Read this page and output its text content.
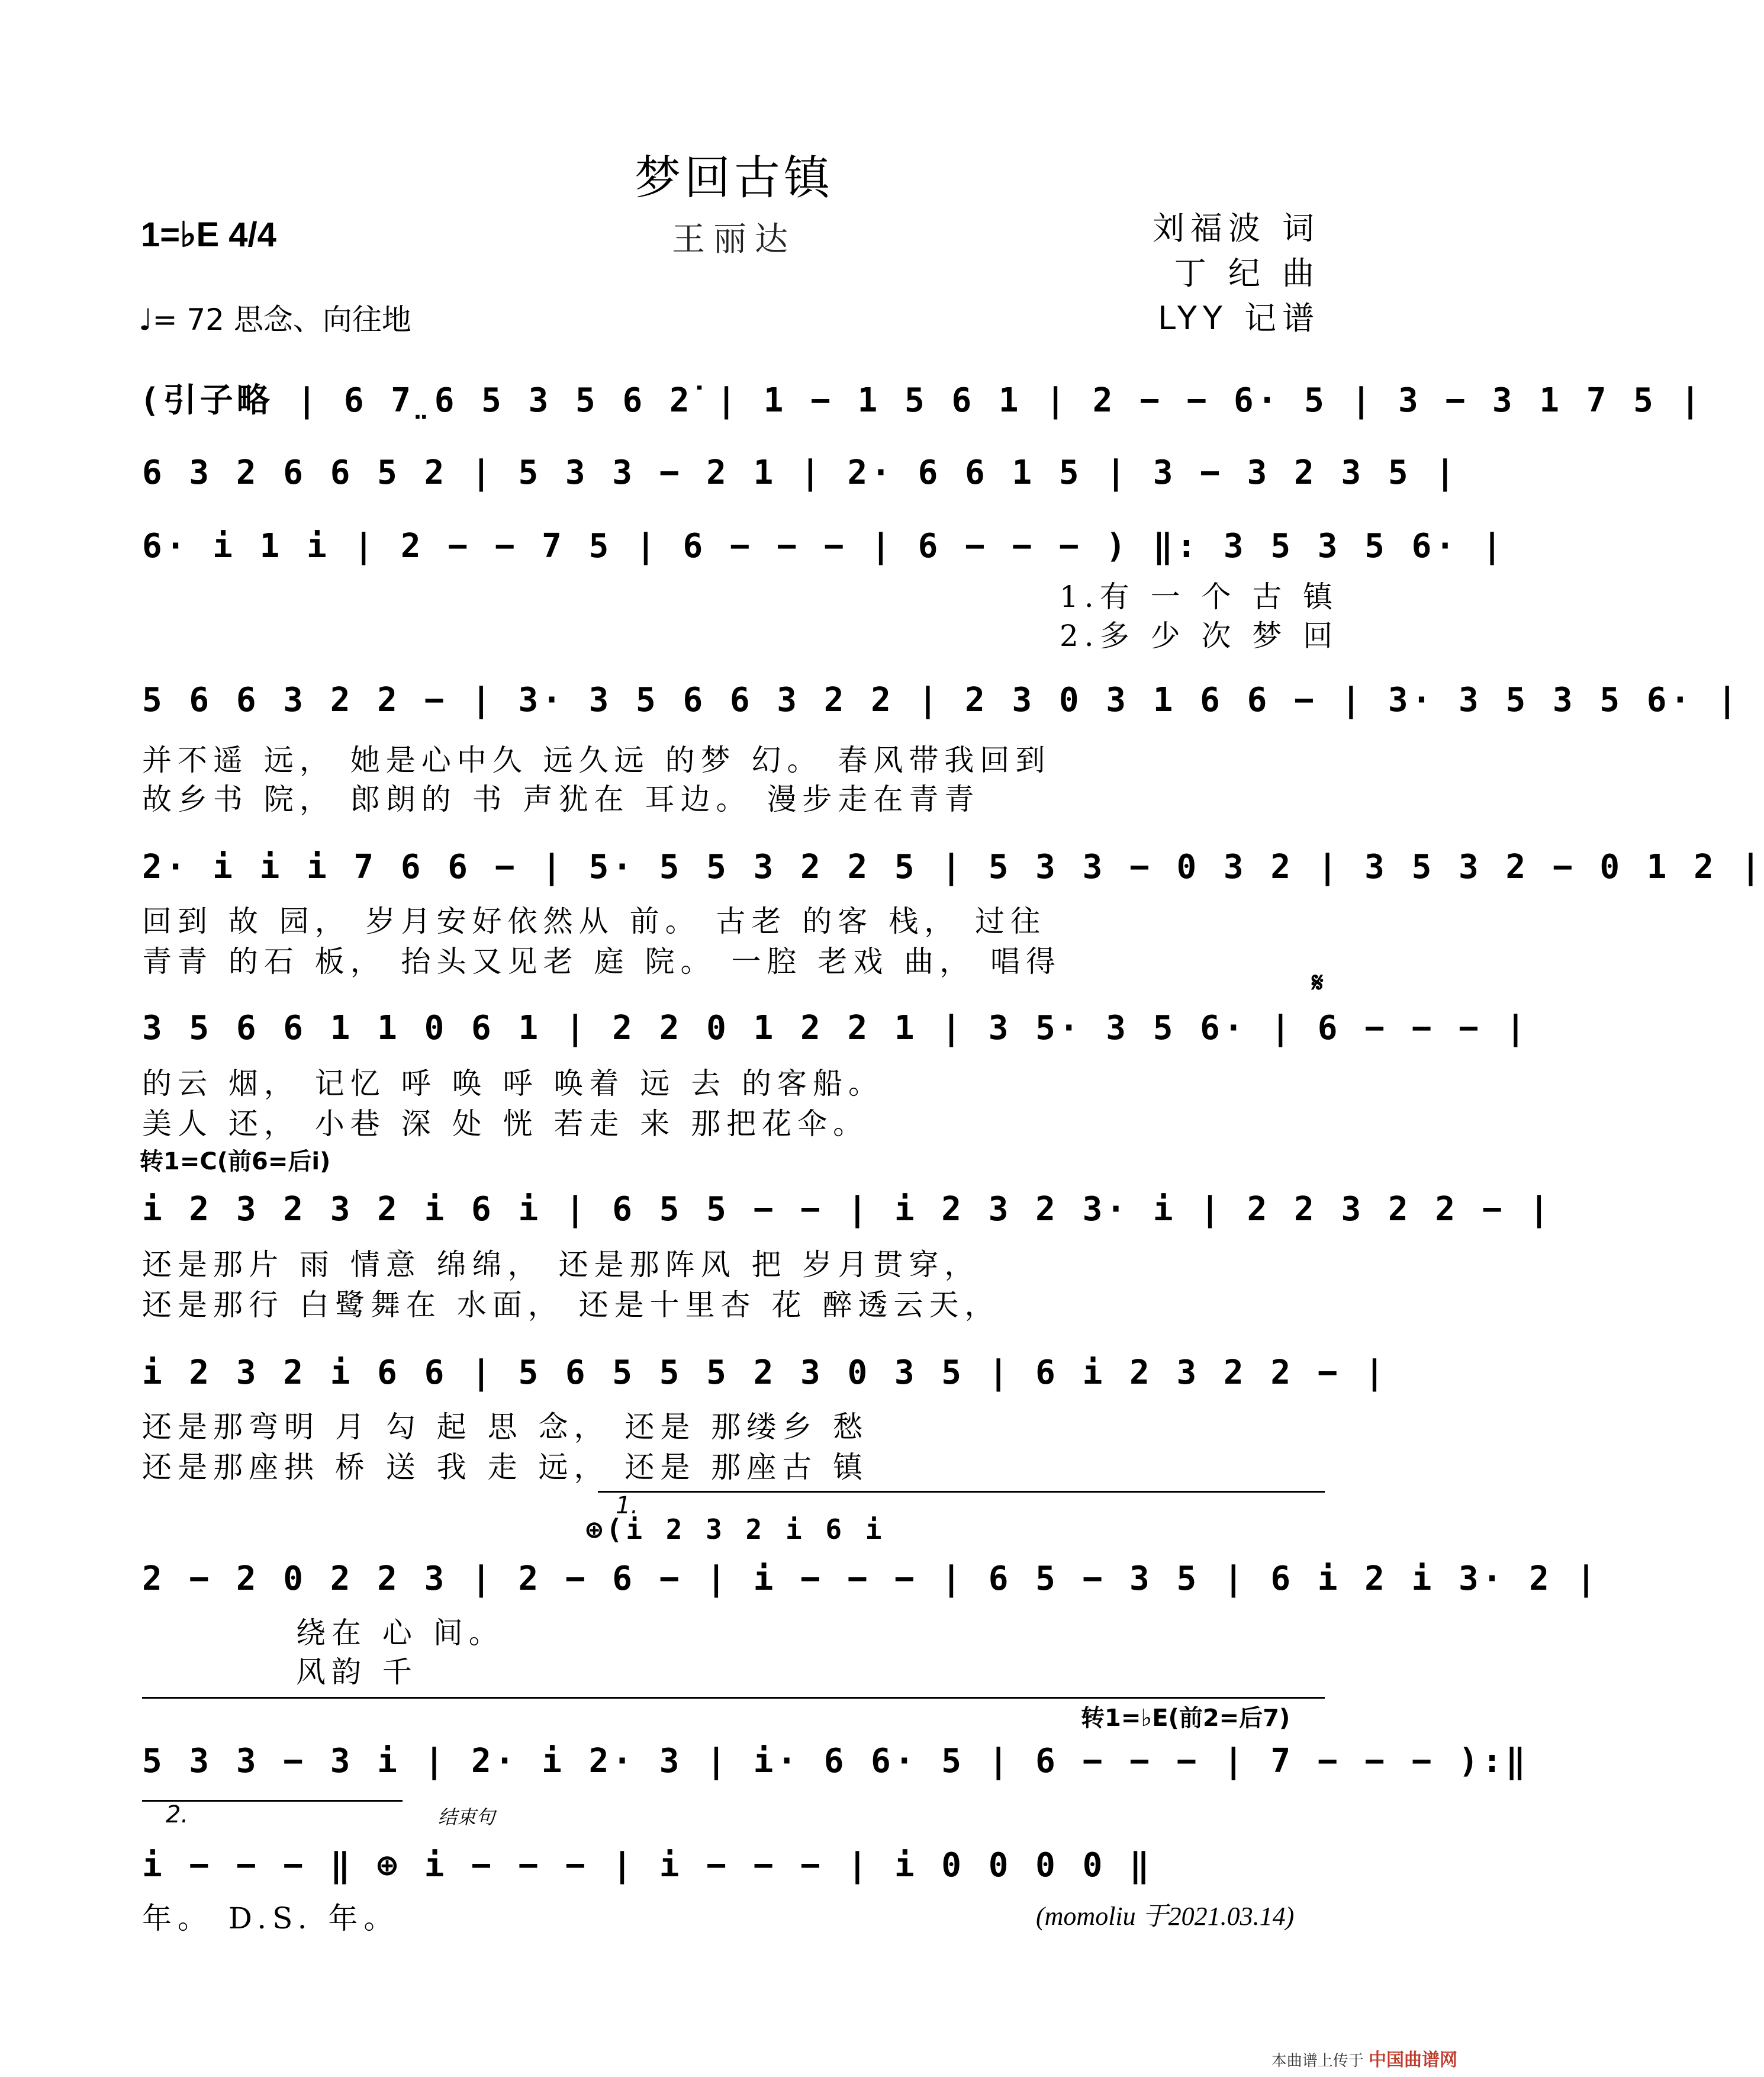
梦回古镇
王丽达
1=♭E 4/4
♩= 72 思念、向往地
刘福波 词
丁 纪 曲
LYY 记谱
(引子略 | 6 7̤6 5 3 5 6 2̇ | 1 − 1 5 6 1 | 2 − − 6· 5 | 3 − 3 1 7 5 |
6 3 2 6 6 5 2 | 5 3 3 − 2 1 | 2· 6 6 1 5 | 3 − 3 2 3 5 |
6· i 1 i | 2 − − 7 5 | 6 − − − | 6 − − − ) ‖: 3 5 3 5 6· |
1.有 一 个 古 镇
2.多 少 次 梦 回
5 6 6 3 2 2 − | 3· 3 5 6 6 3 2 2 | 2 3 0 3 1 6 6 − | 3· 3 5 3 5 6· |
并不遥 远， 她是心中久 远久远 的梦 幻。 春风带我回到
故乡书 院， 郎朗的 书 声犹在 耳边。 漫步走在青青
2· i i i 7 6 6 − | 5· 5 5 3 2 2 5 | 5 3 3 − 0 3 2 | 3 5 3 2 − 0 1 2 |
回到 故 园， 岁月安好依然从 前。 古老 的客 栈， 过往
青青 的石 板， 抬头又见老 庭 院。 一腔 老戏 曲， 唱得
𝄋
3 5 6 6 1 1 0 6 1 | 2 2 0 1 2 2 1 | 3 5· 3 5 6· | 6 − − − |
的云 烟， 记忆 呼 唤 呼 唤着 远 去 的客船。
美人 还， 小巷 深 处 恍 若走 来 那把花伞。
转1=C(前6=后i)
i 2 3 2 3 2 i 6 i | 6 5 5 − − | i 2 3 2 3· i | 2 2 3 2 2 − |
还是那片 雨 情意 绵绵， 还是那阵风 把 岁月贯穿，
还是那行 白鹭舞在 水面， 还是十里杏 花 醉透云天，
i 2 3 2 i 6 6 | 5 6 5 5 5 2 3 0 3 5 | 6 i 2 3 2 2 − |
还是那弯明 月 勾 起 思 念， 还是 那缕乡 愁
还是那座拱 桥 送 我 走 远， 还是 那座古 镇
1.
⊕(i 2 3 2 i 6 i
2 − 2 0 2 2 3 | 2 − 6 − | i − − − | 6 5 − 3 5 | 6 i 2 i 3· 2 |
绕在 心 间。
风韵 千
转1=♭E(前2=后7)
5 3 3 − 3 i | 2· i 2· 3 | i· 6 6· 5 | 6 − − − | 7 − − − ):‖
2.	结束句
i − − − ‖ ⊕ i − − − | i − − − | i 0 0 0 0 ‖
年。 D.S. 年。	(momoliu 于2021.03.14)
本曲谱上传于 中国曲谱网
